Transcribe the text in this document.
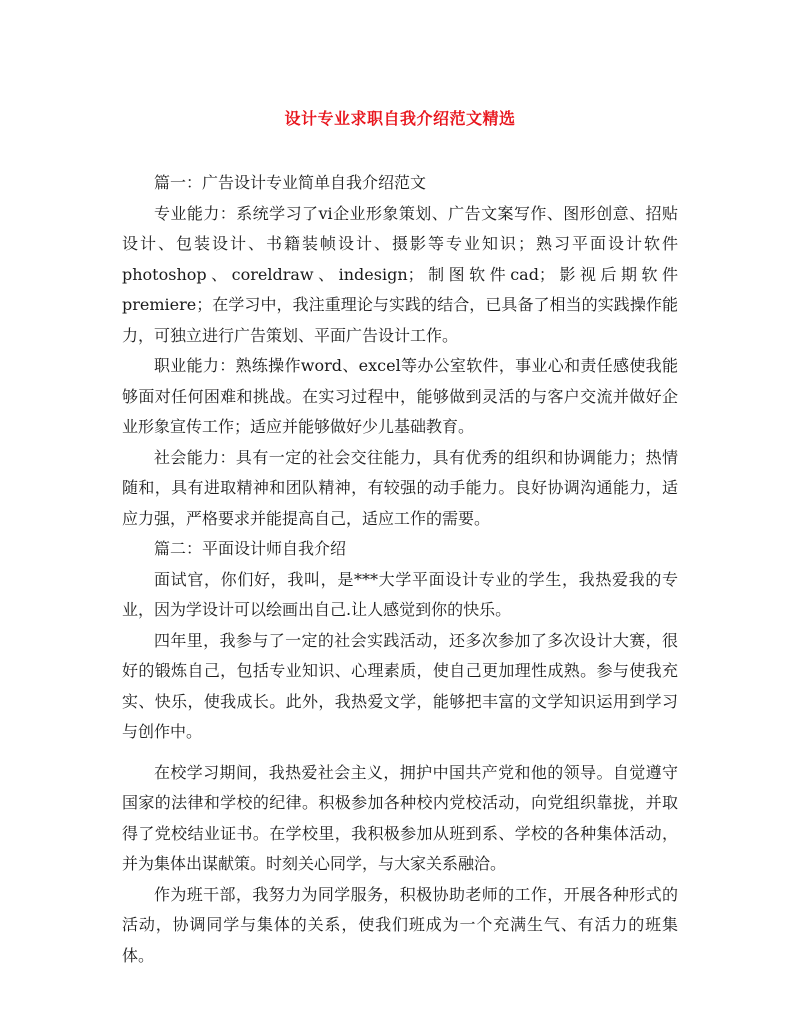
设计专业求职自我介绍范文精选

篇一：广告设计专业简单自我介绍范文

专业能力：系统学习了vi企业形象策划、广告文案写作、图形创意、招贴设计、包装设计、书籍装帧设计、摄影等专业知识；熟习平面设计软件photoshop、coreldraw、indesign；制图软件cad；影视后期软件premiere；在学习中，我注重理论与实践的结合，已具备了相当的实践操作能力，可独立进行广告策划、平面广告设计工作。

职业能力：熟练操作word、excel等办公室软件，事业心和责任感使我能够面对任何困难和挑战。在实习过程中，能够做到灵活的与客户交流并做好企业形象宣传工作；适应并能够做好少儿基础教育。

社会能力：具有一定的社会交往能力，具有优秀的组织和协调能力；热情随和，具有进取精神和团队精神，有较强的动手能力。良好协调沟通能力，适应力强，严格要求并能提高自己，适应工作的需要。

篇二：平面设计师自我介绍

面试官，你们好，我叫，是***大学平面设计专业的学生，我热爱我的专业，因为学设计可以绘画出自己.让人感觉到你的快乐。

四年里，我参与了一定的社会实践活动，还多次参加了多次设计大赛，很好的锻炼自己，包括专业知识、心理素质，使自己更加理性成熟。参与使我充实、快乐，使我成长。此外，我热爱文学，能够把丰富的文学知识运用到学习与创作中。

在校学习期间，我热爱社会主义，拥护中国共产党和他的领导。自觉遵守国家的法律和学校的纪律。积极参加各种校内党校活动，向党组织靠拢，并取得了党校结业证书。在学校里，我积极参加从班到系、学校的各种集体活动，并为集体出谋献策。时刻关心同学，与大家关系融洽。

作为班干部，我努力为同学服务，积极协助老师的工作，开展各种形式的活动，协调同学与集体的关系，使我们班成为一个充满生气、有活力的班集体。
